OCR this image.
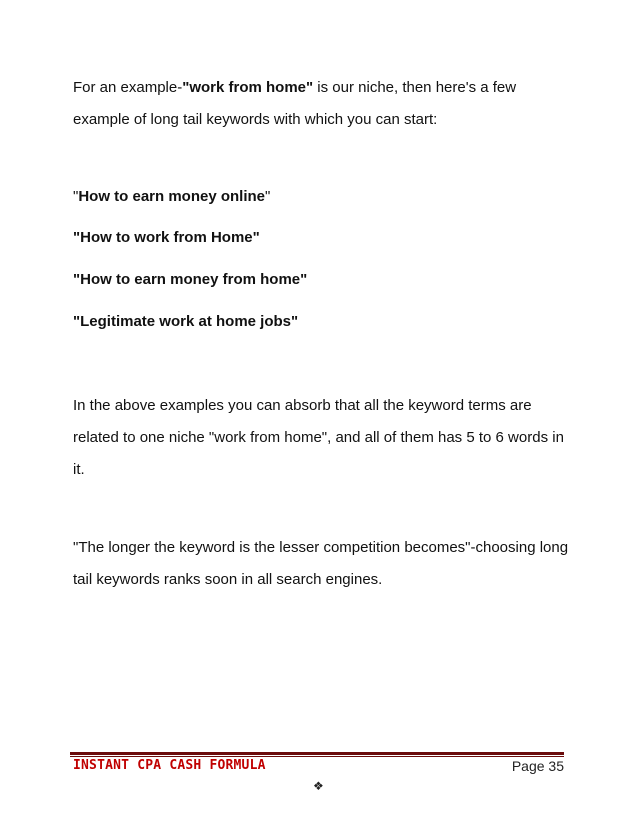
For an example-"work from home" is our niche, then here's a few example of long tail keywords with which you can start:

"How to earn money online"

"How to work from Home"

"How to earn money from home"

"Legitimate work at home jobs"

In the above examples you can absorb that all the keyword terms are related to one niche "work from home", and all of them has 5 to 6 words in it.

"The longer the keyword is the lesser competition becomes"-choosing long tail keywords ranks soon in all search engines.

INSTANT CPA CASH FORMULA	Page 35
❖
